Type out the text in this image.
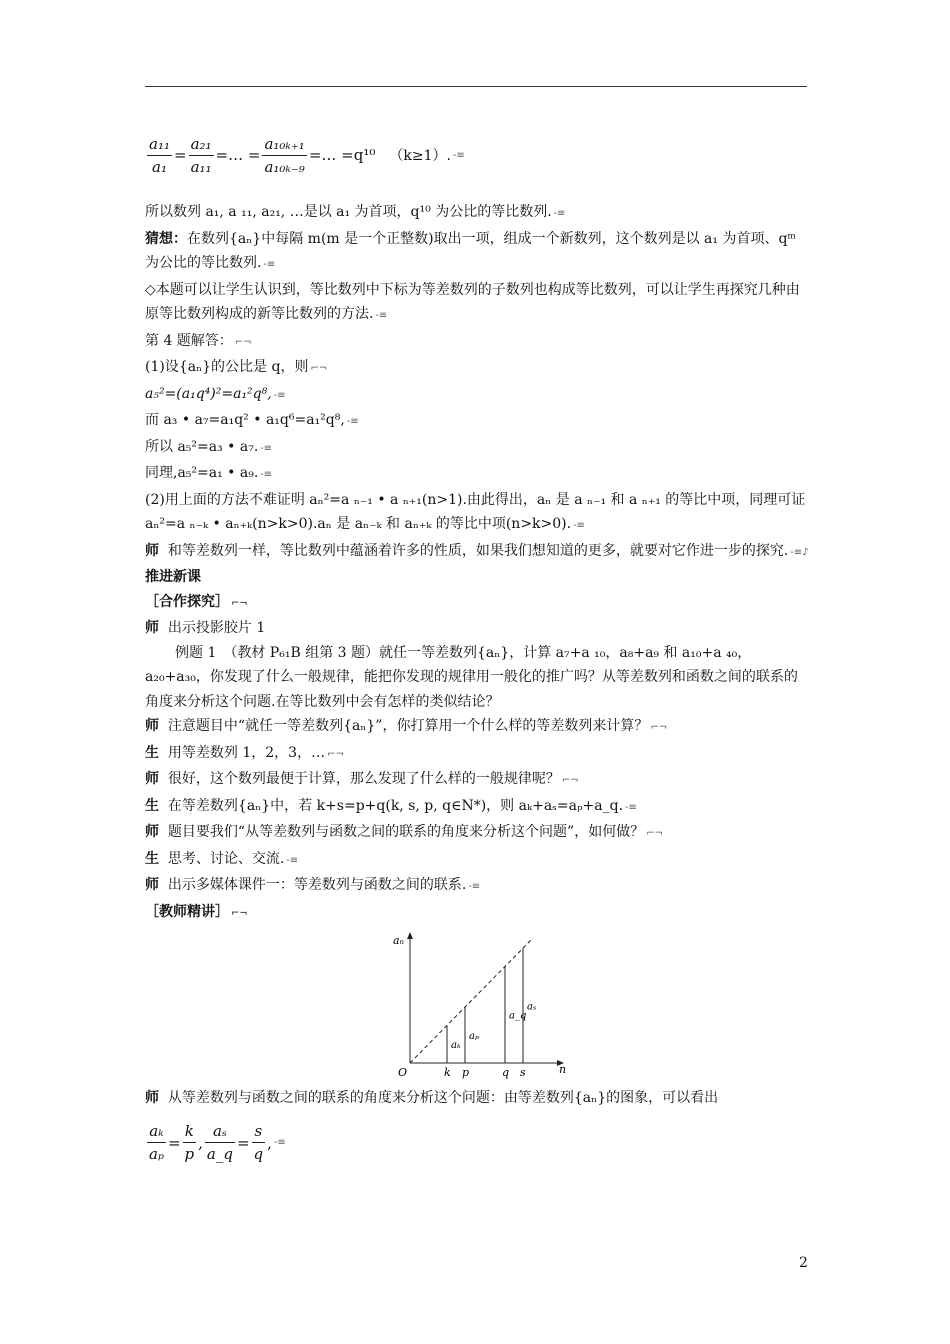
$\frac{\text{a₁₁}}{\text{a₁}} = \frac{\text{a₂₁}}{\text{a₁₁}}$ =… = $\frac{\text{a₁₀ₖ₊₁}}{\text{a₁₀ₖ₋₉}}$ =… =q¹⁰ （k≥1）. -≡

所以数列 a₁, a ₁₁, a₂₁, …是以 a₁ 为首项，q¹⁰ 为公比的等比数列. -≡

猜想：在数列{aₙ}中每隔 m(m 是一个正整数)取出一项，组成一个新数列，这个数列是以 a₁ 为首项、qᵐ 为公比的等比数列. -≡

◇本题可以让学生认识到，等比数列中下标为等差数列的子数列也构成等比数列，可以让学生再探究几种由原等比数列构成的新等比数列的方法. -≡

第 4 题解答： ⌐¬

(1)设{aₙ}的公比是 q，则 ⌐¬

a₅²=(a₁q⁴)²=a₁²q⁸, -≡

而 a₃ • a₇=a₁q² • a₁q⁶=a₁²q⁸, -≡

所以 a₅²=a₃ • a₇. -≡

同理,a₅²=a₁ • a₉. -≡

(2)用上面的方法不难证明 aₙ²=a ₙ₋₁ • a ₙ₊₁(n>1).由此得出，aₙ 是 a ₙ₋₁ 和 a ₙ₊₁ 的等比中项，同理可证 aₙ²=a ₙ₋ₖ • aₙ₊ₖ(n>k>0).aₙ 是 aₙ₋ₖ 和 aₙ₊ₖ 的等比中项(n>k>0). -≡

师 和等差数列一样，等比数列中蕴涵着许多的性质，如果我们想知道的更多，就要对它作进一步的探究. -≡♪

推进新课

［合作探究］ ⌐¬

师 出示投影胶片 1

例题 1　（教材 P₆₁B 组第 3 题）就任一等差数列{aₙ}，计算 a₇+a ₁₀，a₈+a₉ 和 a₁₀+a ₄₀，a₂₀+a₃₀，你发现了什么一般规律，能把你发现的规律用一般化的推广吗？从等差数列和函数之间的联系的角度来分析这个问题.在等比数列中会有怎样的类似结论？

师 注意题目中“就任一等差数列{aₙ}”，你打算用一个什么样的等差数列来计算？ ⌐¬

生 用等差数列 1，2，3，… ⌐¬

师 很好，这个数列最便于计算，那么发现了什么样的一般规律呢？ ⌐¬

生 在等差数列{aₙ}中，若 k+s=p+q(k, s, p, q∈N*)，则 aₖ+aₛ=aₚ+a_q. -≡

师 题目要我们“从等差数列与函数之间的联系的角度来分析这个问题”，如何做？ ⌐¬

生 思考、讨论、交流. -≡

师 出示多媒体课件一：等差数列与函数之间的联系. -≡

［教师精讲］ ⌐¬

aₙ
n
O	k
aₖ
p
aₚ
q
a_q
s
aₛ

师 从等差数列与函数之间的联系的角度来分析这个问题：由等差数列{aₙ}的图象，可以看出

$\frac{\text{aₖ}}{\text{aₚ}} = \frac{k}{p}$ , $\frac{\text{aₛ}}{a\_q} = \frac{s}{q}$ , -≡
2
